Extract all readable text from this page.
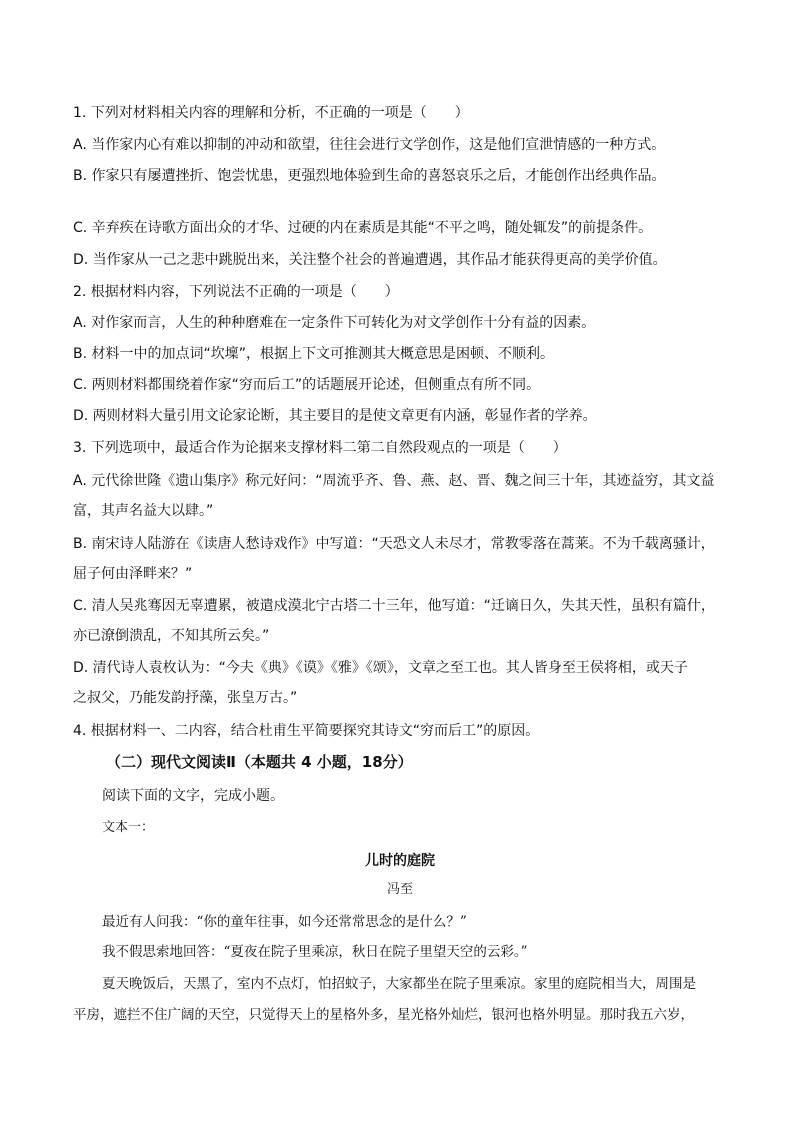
1. 下列对材料相关内容的理解和分析，不正确的一项是（　　）
A. 当作家内心有难以抑制的冲动和欲望，往往会进行文学创作，这是他们宣泄情感的一种方式。
B. 作家只有屡遭挫折、饱尝忧患，更强烈地体验到生命的喜怒哀乐之后，才能创作出经典作品。
C. 辛弃疾在诗歌方面出众的才华、过硬的内在素质是其能“不平之鸣，随处辄发”的前提条件。
D. 当作家从一己之悲中跳脱出来，关注整个社会的普遍遭遇，其作品才能获得更高的美学价值。
2. 根据材料内容，下列说法不正确的一项是（　　）
A. 对作家而言，人生的种种磨难在一定条件下可转化为对文学创作十分有益的因素。
B. 材料一中的加点词“坎壈”，根据上下文可推测其大概意思是困顿、不顺利。
C. 两则材料都围绕着作家“穷而后工”的话题展开论述，但侧重点有所不同。
D. 两则材料大量引用文论家论断，其主要目的是使文章更有内涵，彰显作者的学养。
3. 下列选项中，最适合作为论据来支撑材料二第二自然段观点的一项是（　　）
A. 元代徐世隆《遗山集序》称元好问：“周流乎齐、鲁、燕、赵、晋、魏之间三十年，其迹益穷，其文益
富，其声名益大以肆。”
B. 南宋诗人陆游在《读唐人愁诗戏作》中写道：“天恐文人未尽才，常教零落在蒿莱。不为千载离骚计，
屈子何由泽畔来？”
C. 清人吴兆骞因无辜遭累，被遣戍漠北宁古塔二十三年，他写道：“迁谪日久，失其天性，虽积有篇什，
亦已潦倒溃乱，不知其所云矣。”
D. 清代诗人袁枚认为：“今夫《典》《谟》《雅》《颂》，文章之至工也。其人皆身至王侯将相，或天子
之叔父，乃能发韵抒藻，张皇万古。”
4. 根据材料一、二内容，结合杜甫生平简要探究其诗文“穷而后工”的原因。
（二）现代文阅读Ⅱ（本题共 4 小题，18分）
阅读下面的文字，完成小题。
文本一：
儿时的庭院
冯至
最近有人问我：“你的童年往事，如今还常常思念的是什么？”
我不假思索地回答：“夏夜在院子里乘凉，秋日在院子里望天空的云彩。”
夏天晚饭后，天黑了，室内不点灯，怕招蚊子，大家都坐在院子里乘凉。家里的庭院相当大，周围是
平房，遮拦不住广阔的天空，只觉得天上的星格外多，星光格外灿烂，银河也格外明显。那时我五六岁，
